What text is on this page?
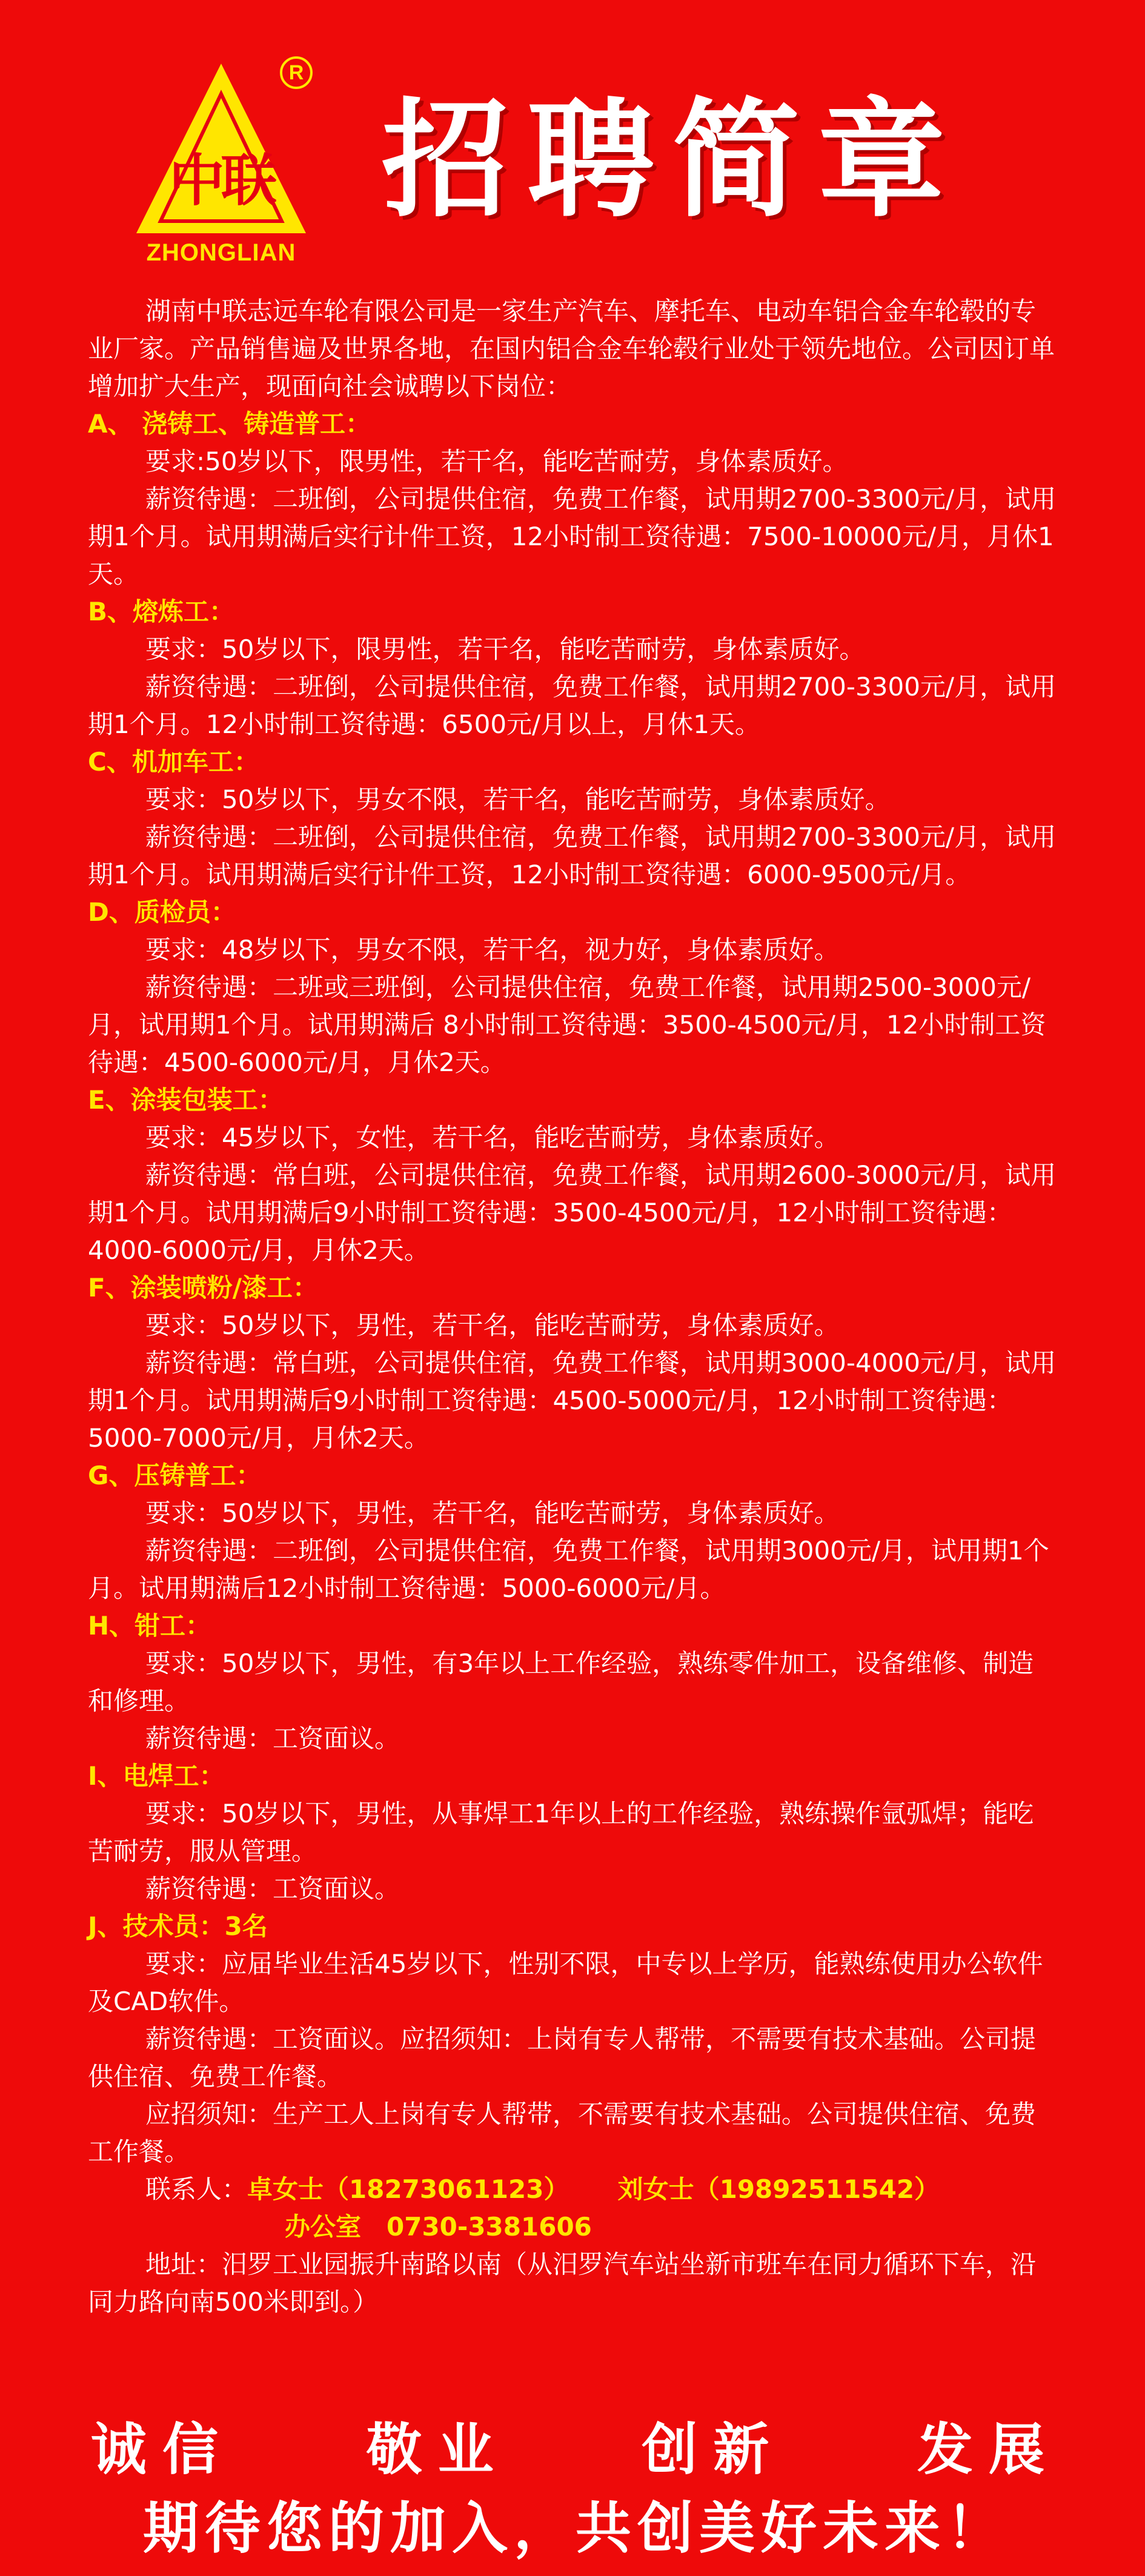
中联
ZHONGLIAN
R
招聘简章

湖南中联志远车轮有限公司是一家生产汽车、摩托车、电动车铝合金车轮毂的专业厂家。产品销售遍及世界各地，在国内铝合金车轮毂行业处于领先地位。公司因订单增加扩大生产，现面向社会诚聘以下岗位：

A、 浇铸工、铸造普工：

要求:50岁以下，限男性，若干名，能吃苦耐劳，身体素质好。

薪资待遇：二班倒，公司提供住宿，免费工作餐，试用期2700-3300元/月，试用期1个月。试用期满后实行计件工资，12小时制工资待遇：7500-10000元/月，月休1天。

B、熔炼工：

要求：50岁以下，限男性，若干名，能吃苦耐劳，身体素质好。

薪资待遇：二班倒，公司提供住宿，免费工作餐，试用期2700-3300元/月，试用期1个月。12小时制工资待遇：6500元/月以上，月休1天。

C、机加车工：

要求：50岁以下，男女不限，若干名，能吃苦耐劳，身体素质好。

薪资待遇：二班倒，公司提供住宿，免费工作餐，试用期2700-3300元/月，试用期1个月。试用期满后实行计件工资，12小时制工资待遇：6000-9500元/月。

D、质检员：

要求：48岁以下，男女不限，若干名，视力好，身体素质好。

薪资待遇：二班或三班倒，公司提供住宿，免费工作餐，试用期2500-3000元/月，试用期1个月。试用期满后 8小时制工资待遇：3500-4500元/月，12小时制工资待遇：4500-6000元/月，月休2天。

E、涂装包装工：

要求：45岁以下，女性，若干名，能吃苦耐劳，身体素质好。

薪资待遇：常白班，公司提供住宿，免费工作餐，试用期2600-3000元/月，试用期1个月。试用期满后9小时制工资待遇：3500-4500元/月，12小时制工资待遇：4000-6000元/月，月休2天。

F、涂装喷粉/漆工：

要求：50岁以下，男性，若干名，能吃苦耐劳，身体素质好。

薪资待遇：常白班，公司提供住宿，免费工作餐，试用期3000-4000元/月，试用期1个月。试用期满后9小时制工资待遇：4500-5000元/月，12小时制工资待遇：5000-7000元/月，月休2天。

G、压铸普工：

要求：50岁以下，男性，若干名，能吃苦耐劳，身体素质好。

薪资待遇：二班倒，公司提供住宿，免费工作餐，试用期3000元/月，试用期1个月。试用期满后12小时制工资待遇：5000-6000元/月。

H、钳工：

要求：50岁以下，男性，有3年以上工作经验，熟练零件加工，设备维修、制造和修理。

薪资待遇：工资面议。

I、电焊工：

要求：50岁以下，男性，从事焊工1年以上的工作经验，熟练操作氩弧焊；能吃苦耐劳，服从管理。

薪资待遇：工资面议。

J、技术员：3名

要求：应届毕业生活45岁以下，性别不限，中专以上学历，能熟练使用办公软件及CAD软件。

薪资待遇：工资面议。应招须知：上岗有专人帮带，不需要有技术基础。公司提供住宿、免费工作餐。

应招须知：生产工人上岗有专人帮带，不需要有技术基础。公司提供住宿、免费工作餐。

联系人：卓女士（18273061123） 刘女士（19892511542）

办公室　0730-3381606

地址：汨罗工业园振升南路以南（从汨罗汽车站坐新市班车在同力循环下车，沿同力路向南500米即到。）

诚信 敬业 创新 发展
期待您的加入，共创美好未来！
